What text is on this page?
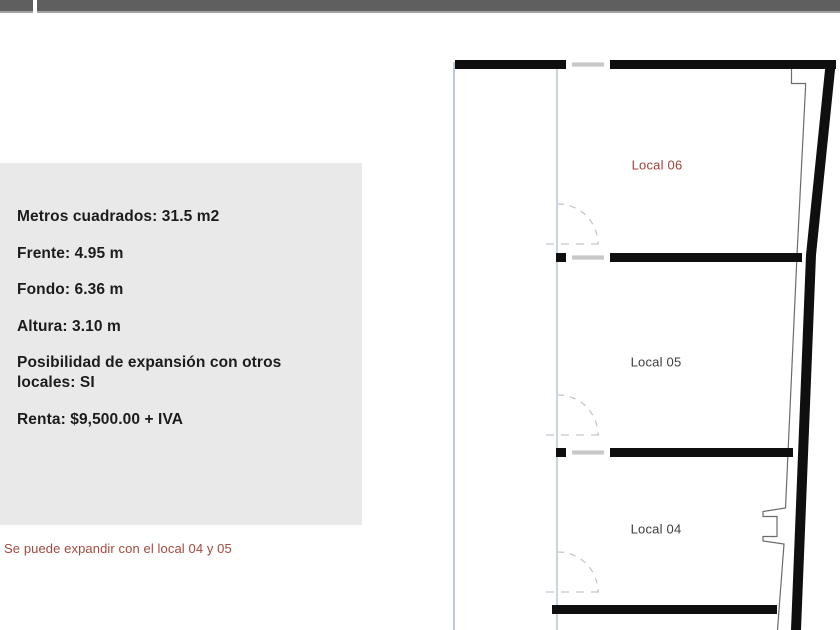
Metros cuadrados: 31.5 m2

Frente: 4.95 m

Fondo: 6.36 m

Altura: 3.10 m

Posibilidad de expansión con otros locales: SI

Renta: $9,500.00 + IVA

Se puede expandir con el local 04 y 05
Local 06
Local 05
Local 04
